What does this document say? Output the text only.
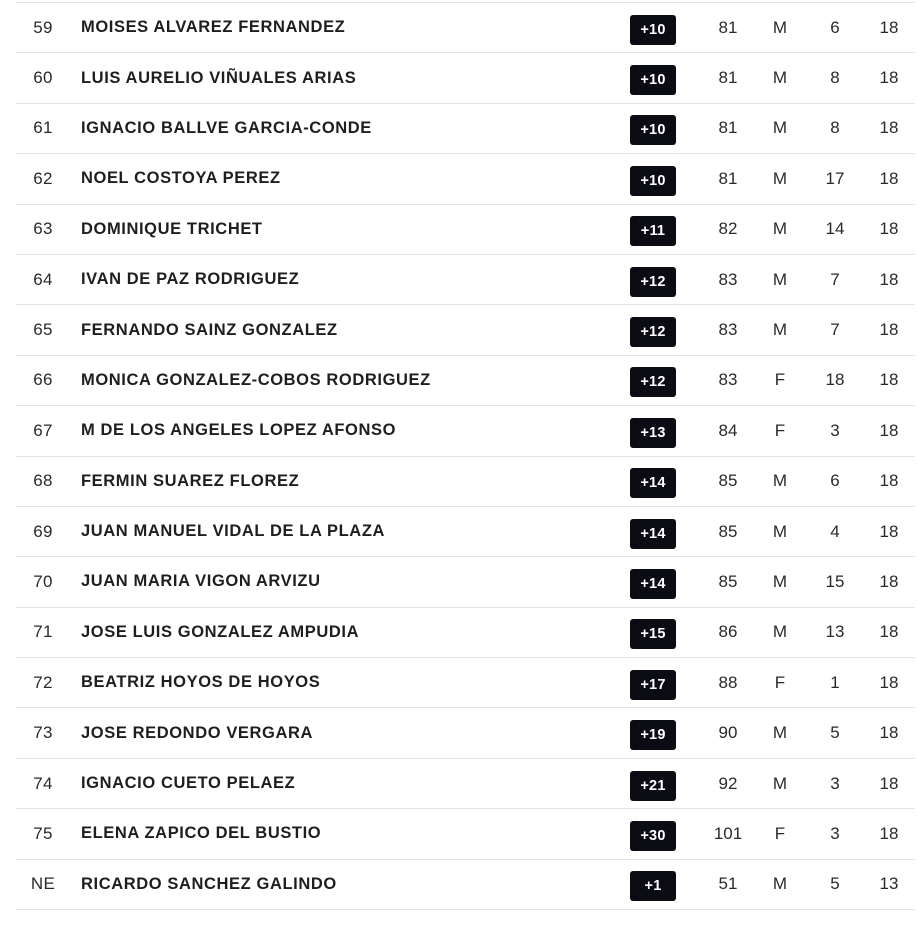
59	MOISES ALVAREZ FERNANDEZ	+10	81	M	6	18
60	LUIS AURELIO VIÑUALES ARIAS	+10	81	M	8	18
61	IGNACIO BALLVE GARCIA-CONDE	+10	81	M	8	18
62	NOEL COSTOYA PEREZ	+10	81	M	17	18
63	DOMINIQUE TRICHET	+11	82	M	14	18
64	IVAN DE PAZ RODRIGUEZ	+12	83	M	7	18
65	FERNANDO SAINZ GONZALEZ	+12	83	M	7	18
66	MONICA GONZALEZ-COBOS RODRIGUEZ	+12	83	F	18	18
67	M DE LOS ANGELES LOPEZ AFONSO	+13	84	F	3	18
68	FERMIN SUAREZ FLOREZ	+14	85	M	6	18
69	JUAN MANUEL VIDAL DE LA PLAZA	+14	85	M	4	18
70	JUAN MARIA VIGON ARVIZU	+14	85	M	15	18
71	JOSE LUIS GONZALEZ AMPUDIA	+15	86	M	13	18
72	BEATRIZ HOYOS DE HOYOS	+17	88	F	1	18
73	JOSE REDONDO VERGARA	+19	90	M	5	18
74	IGNACIO CUETO PELAEZ	+21	92	M	3	18
75	ELENA ZAPICO DEL BUSTIO	+30	101	F	3	18
NE	RICARDO SANCHEZ GALINDO	+1	51	M	5	13
